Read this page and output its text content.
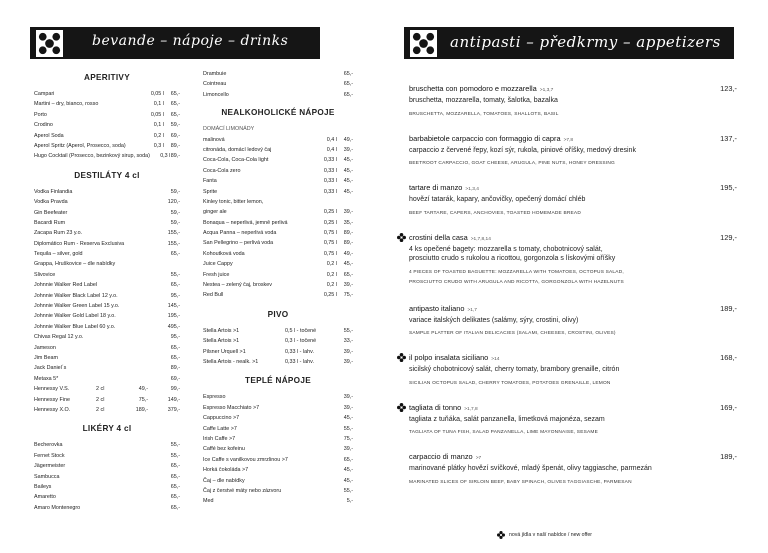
bevande – nápoje – drinks	antipasti – předkrmy – appetizers
APERITIVY
Campari	0,05 l	65,-
Martini – dry, bianco, rosso	0,1 l	65,-
Porto	0,05 l	65,-
Crodino	0,1 l	59,-
Aperol Soda	0,2 l	69,-
Aperol Spritz (Aperol, Prosecco, soda)	0,3 l	89,-
Hugo Cocktail (Prosecco, bezinkový sirup, soda)	0,3 l 89,-
DESTILÁTY 4 cl
Vodka Finlandia	59,-
Vodka Pravda	120,-
Gin Beefeater	59,-
Bacardi Rum	59,-
Zacapa Rum 23 y.o.	155,-
Diplomático Rum - Reserva Exclusiva	155,-
Tequila – silver, gold	65,-
Grappa, Hruškovice – dle nabídky
Slivovice	55,-
Johnnie Walker Red Label	65,-
Johnnie Walker Black Label 12 y.o.	95,-
Johnnie Walker Green Label 15 y.o.	145,-
Johnnie Walker Gold Label 18 y.o.	195,-
Johnnie Walker Blue Label 60 y.o.	495,-
Chivas Regal 12 y.o.	95,-
Jameson	65,-
Jim Beam	65,-
Jack Daniel´s	89,-
Metaxa 5*	69,-
Hennessy V.S.	2 cl	49,-	99,-
Hennessy Fine	2 cl	75,-	149,-
Hennessy X.O.	2 cl	189,-	379,-
LIKÉRY 4 cl
Becherovka	55,-
Fernet Stock	55,-
Jägermeister	65,-
Sambucca	65,-
Baileys	65,-
Amaretto	65,-
Amaro Montenegro	65,-
Drambuie	65,-
Cointreau	65,-
Limoncello	65,-
NEALKOHOLICKÉ NÁPOJE
DOMÁCÍ LIMONÁDY
malinová	0,4 l	49,-
citronáda, domácí ledový čaj	0,4 l	39,-
Coca-Cola, Coca-Cola light	0,33 l	45,-
Coca-Cola zero	0,33 l	45,-
Fanta	0,33 l	45,-
Sprite	0,33 l	45,-
Kinley tonic, bitter lemon,
ginger ale	0,25 l	39,-
Bonaqua – neperlivá, jemně perlivá	0,25 l	35,-
Acqua Panna – neperlivá voda	0,75 l	89,-
San Pellegrino – perlivá voda	0,75 l	89,-
Kohoutková voda	0,75 l	49,-
Juice Cappy	0,2 l	45,-
Fresh juice	0,2 l	65,-
Nestea – zelený čaj, broskev	0,2 l	39,-
Red Bull	0,25 l	75,-
PIVO
Stella Artois >1	0,5 l - točené	55,-
Stella Artois >1	0,3 l - točené	33,-
Pilsner Urquell >1	0,33 l - lahv.	39,-
Stella Artois - nealk. >1	0,33 l - lahv.	39,-
TEPLÉ NÁPOJE
Espresso	39,-
Espresso Macchiato >7	39,-
Cappuccino >7	45,-
Caffe Latte >7	55,-
Irish Caffe >7	75,-
Caffé bez kofeinu	39,-
Ice Caffe s vanilkovou zmrzlinou >7	65,-
Horká čokoláda >7	45,-
Čaj – dle nabídky	45,-
Čaj z čerstvé máty nebo zázvoru	55,-
Med	5,-
bruschetta con pomodoro e mozzarella >1,3,7	123,-
bruschetta, mozzarella, tomaty, šalotka, bazalka
BRUSCHETTA, MOZZARELLA, TOMATOES, SHALLOTS, BASIL
barbabietole carpaccio con formaggio di capra >7,8	137,-
carpaccio z červené řepy, kozí sýr, rukola, piniové oříšky, medový dresink
BEETROOT CARPACCIO, GOAT CHEESE, ARUGULA, PINE NUTS, HONEY DRESSING
tartare di manzo >1,3,4	195,-
hovězí tatarák, kapary, ančovičky, opečený domácí chléb
BEEF TARTARE, CAPERS, ANCHOVIES, TOASTED HOMEMADE BREAD
crostini della casa >1,7,8,14	129,-
4 ks opečené bagety: mozzarella s tomaty, chobotnicový salát,
prosciutto crudo s rukolou a ricottou, gorgonzola s lískovými oříšky
4 PIECES OF TOASTED BAGUETTE: MOZZARELLA WITH TOMATOES, OCTOPUS SALAD,
PROSCIUTTO CRUDO WITH ARUGULA AND RICOTTA, GORGONZOLA WITH HAZELNUTS
antipasto italiano >1,7	189,-
variace italských delikates (salámy, sýry, crostini, olivy)
SAMPLE PLATTER OF ITALIAN DELICACIES (SALAMI, CHEESES, CROSTINI, OLIVES)
il polpo insalata siciliano >14	168,-
sicilský chobotnicový salát, cherry tomaty, brambory grenaille, citrón
SICILIAN OCTOPUS SALAD, CHERRY TOMATOES, POTATOES GRENAILLE, LEMON
tagliata di tonno >1,7,8	169,-
tagliata z tuňáka, salát panzanella, limetková majonéza, sezam
TAGLIATA OF TUNA FISH, SALAD PANZANELLA, LIME MAYONNAISE, SESAME
carpaccio di manzo >7	189,-
marinované plátky hovězí svíčkové, mladý špenát, olivy taggiasche, parmezán
MARINATED SLICES OF SIRLOIN BEEF, BABY SPINACH, OLIVES TAGGIASCHE, PARMESAN
nová jídla v naší nabídce / new offer
